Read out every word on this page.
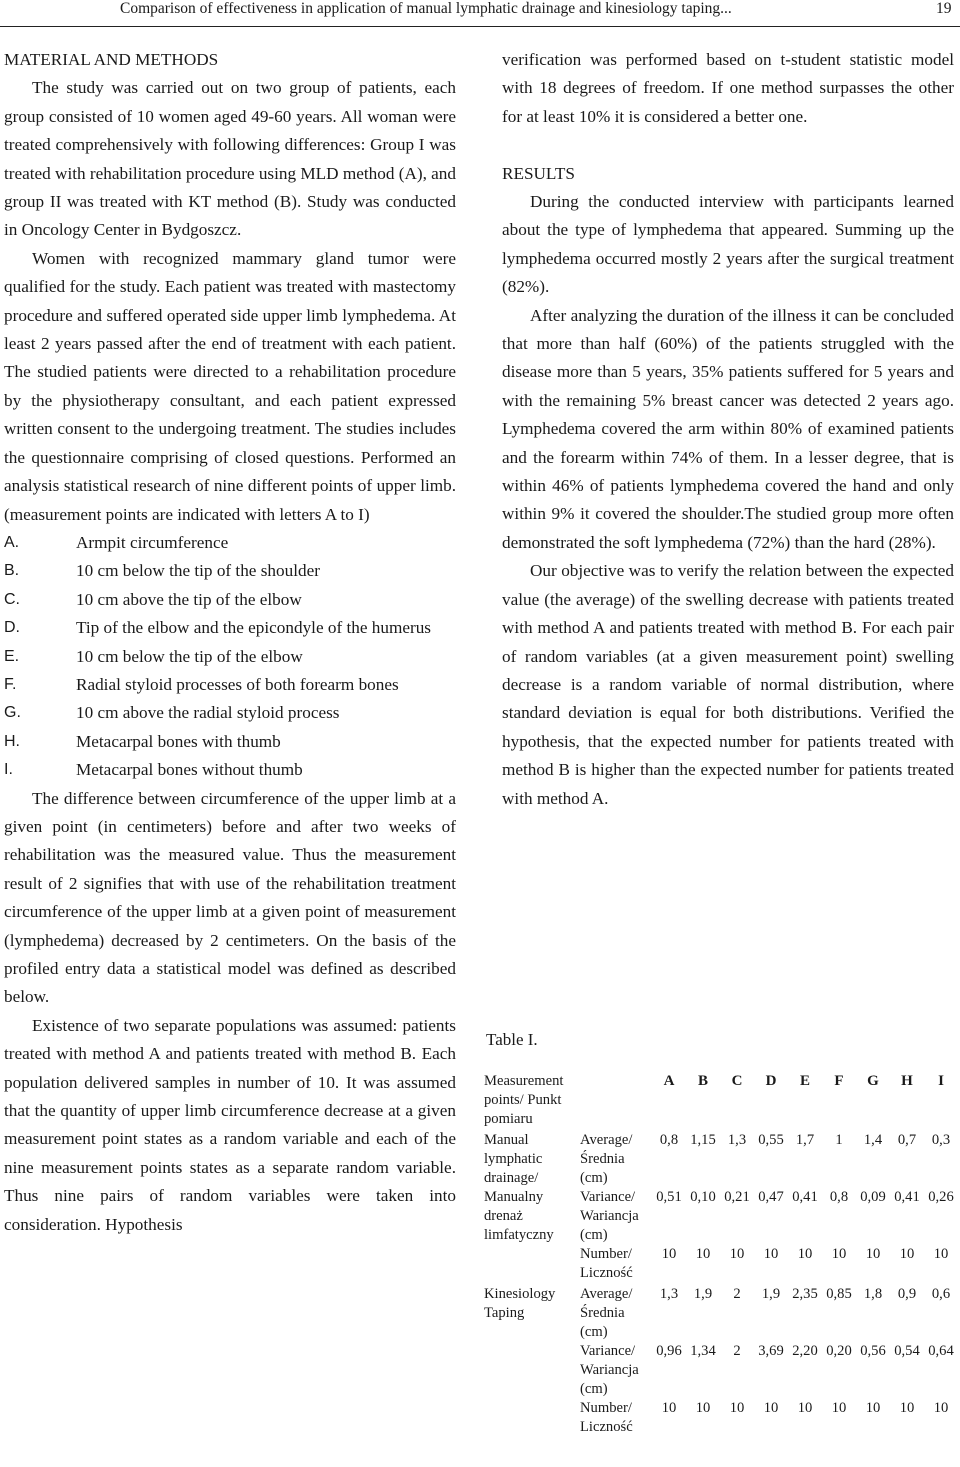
Comparison of effectiveness in application of manual lymphatic drainage and kinesiology taping...	19

MATERIAL AND METHODS

The study was carried out on two group of patients, each group consisted of 10 women aged 49-60 years. All woman were treated comprehensively with following differences: Group I was treated with rehabilitation procedure using MLD method (A), and group II was treated with KT method (B). Study was conducted in Oncology Center in Bydgoszcz.

Women with recognized mammary gland tumor were qualified for the study. Each patient was treated with mastectomy procedure and suffered operated side upper limb lymphedema. At least 2 years passed after the end of treatment with each patient. The studied patients were directed to a rehabilitation procedure by the physiotherapy consultant, and each patient expressed written consent to the undergoing treatment. The studies includes the questionnaire comprising of closed questions. Performed an analysis statistical research of nine different points of upper limb. (measurement points are indicated with letters A to I)

A.	Armpit circumference
B.	10 cm below the tip of the shoulder
C.	10 cm above the tip of the elbow
D.	Tip of the elbow and the epicondyle of the humerus
E.	10 cm below the tip of the elbow
F.	Radial styloid processes of both forearm bones
G.	10 cm above the radial styloid process
H.	Metacarpal bones with thumb
I.	Metacarpal bones without thumb

The difference between circumference of the upper limb at a given point (in centimeters) before and after two weeks of rehabilitation was the measured value. Thus the measurement result of 2 signifies that with use of the rehabilitation treatment circumference of the upper limb at a given point of measurement (lymphedema) decreased by 2 centimeters. On the basis of the profiled entry data a statistical model was defined as described below.

Existence of two separate populations was assumed: patients treated with method A and patients treated with method B. Each population delivered samples in number of 10. It was assumed that the quantity of upper limb circumference decrease at a given measurement point states as a random variable and each of the nine measurement points states as a separate random variable. Thus nine pairs of random variables were taken into consideration. Hypothesis

verification was performed based on t-student statistic model with 18 degrees of freedom. If one method surpasses the other for at least 10% it is considered a better one.

RESULTS

During the conducted interview with participants learned about the type of lymphedema that appeared. Summing up the lymphedema occurred mostly 2 years after the surgical treatment (82%).

After analyzing the duration of the illness it can be concluded that more than half (60%) of the patients struggled with the disease more than 5 years, 35% patients suffered for 5 years and with the remaining 5% breast cancer was detected 2 years ago. Lymphedema covered the arm within 80% of examined patients and the forearm within 74% of them. In a lesser degree, that is within 46% of patients lymphedema covered the hand and only within 9% it covered the shoulder.The studied group more often demonstrated the soft lymphedema (72%) than the hard (28%).

Our objective was to verify the relation between the expected value (the average) of the swelling decrease with patients treated with method A and patients treated with method B. For each pair of random variables (at a given measurement point) swelling decrease is a random variable of normal distribution, where standard deviation is equal for both distributions. Verified the hypothesis, that the expected number for patients treated with method B is higher than the expected number for patients treated with method A.

Table I.
Measurement points/ Punkt pomiaru		A	B	C	D	E	F	G	H	I
Manual lymphatic drainage/ Manualny drenaż limfatyczny	Average/ Średnia (cm)	0,8	1,15	1,3	0,55	1,7	1	1,4	0,7	0,3
	Variance/ Wariancja (cm)	0,51	0,10	0,21	0,47	0,41	0,8	0,09	0,41	0,26
	Number/ Liczność	10	10	10	10	10	10	10	10	10
Kinesiology Taping	Average/ Średnia (cm)	1,3	1,9	2	1,9	2,35	0,85	1,8	0,9	0,6
	Variance/ Wariancja (cm)	0,96	1,34	2	3,69	2,20	0,20	0,56	0,54	0,64
	Number/ Liczność	10	10	10	10	10	10	10	10	10
